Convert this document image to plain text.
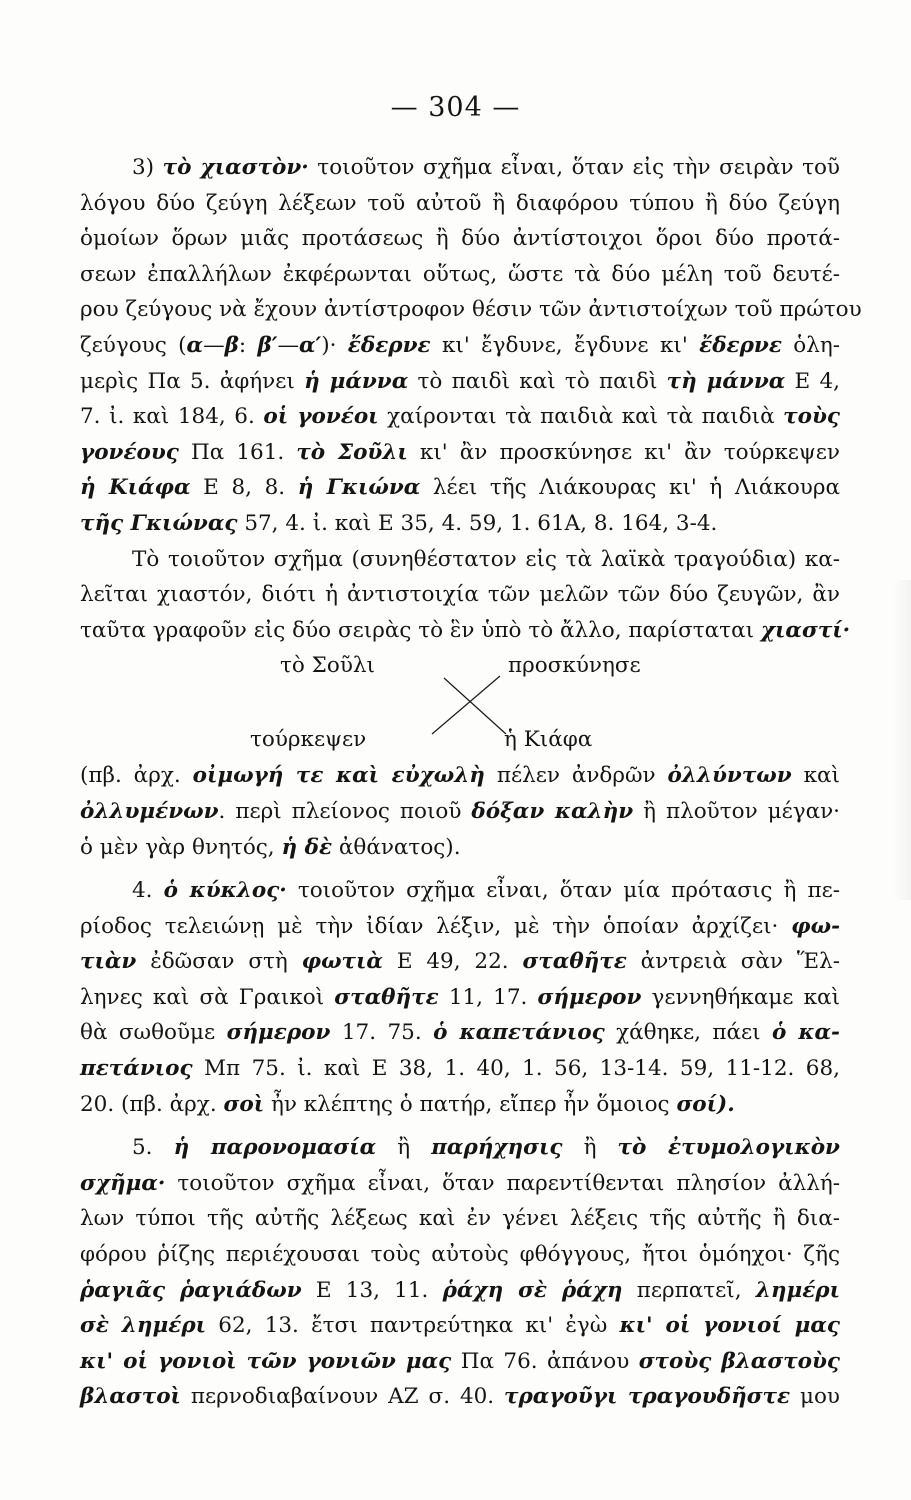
— 304 —
3) τὸ χιαστὸν· τοιοῦτον σχῆμα εἶναι, ὅταν εἰς τὴν σειρὰν τοῦ
λόγου δύο ζεύγη λέξεων τοῦ αὐτοῦ ἢ διαφόρου τύπου ἢ δύο ζεύγη
ὁμοίων ὅρων μιᾶς προτάσεως ἢ δύο ἀντίστοιχοι ὅροι δύο προτά-
σεων ἐπαλλήλων ἐκφέρωνται οὕτως, ὥστε τὰ δύο μέλη τοῦ δευτέ-
ρου ζεύγους νὰ ἔχουν ἀντίστροφον θέσιν τῶν ἀντιστοίχων τοῦ πρώτου
ζεύγους (α—β: β′—α′)· ἔδερνε κι' ἔγδυνε, ἔγδυνε κι' ἔδερνε ὁλη-
μερὶς Πα 5. ἀφήνει ἡ μάννα τὸ παιδὶ καὶ τὸ παιδὶ τὴ μάννα Ε 4,
7. ἰ. καὶ 184, 6. οἱ γονέοι χαίρονται τὰ παιδιὰ καὶ τὰ παιδιὰ τοὺς
γονέους Πα 161. τὸ Σοῦλι κι' ἂν προσκύνησε κι' ἂν τούρκεψεν
ἡ Κιάφα Ε 8, 8. ἡ Γκιώνα λέει τῆς Λιάκουρας κι' ἡ Λιάκουρα
τῆς Γκιώνας 57, 4. ἰ. καὶ Ε 35, 4. 59, 1. 61Α, 8. 164, 3-4.
Τὸ τοιοῦτον σχῆμα (συνηθέστατον εἰς τὰ λαϊκὰ τραγούδια) κα-
λεῖται χιαστόν, διότι ἡ ἀντιστοιχία τῶν μελῶν τῶν δύο ζευγῶν, ἂν
ταῦτα γραφοῦν εἰς δύο σειρὰς τὸ ἓν ὑπὸ τὸ ἄλλο, παρίσταται χιαστί·
τὸ Σοῦλι	προσκύνησε
τούρκεψεν	ἡ Κιάφα
(πβ. ἀρχ. οἰμωγή τε καὶ εὐχωλὴ πέλεν ἀνδρῶν ὀλλύντων καὶ
ὀλλυμένων. περὶ πλείονος ποιοῦ δόξαν καλὴν ἢ πλοῦτον μέγαν·
ὁ μὲν γὰρ θνητός, ἡ δὲ ἀθάνατος).
4. ὁ κύκλος· τοιοῦτον σχῆμα εἶναι, ὅταν μία πρότασις ἢ πε-
ρίοδος τελειώνῃ μὲ τὴν ἰδίαν λέξιν, μὲ τὴν ὁποίαν ἀρχίζει· φω-
τιὰν ἐδῶσαν στὴ φωτιὰ Ε 49, 22. σταθῆτε ἀντρειὰ σὰν Ἕλ-
ληνες καὶ σὰ Γραικοὶ σταθῆτε 11, 17. σήμερον γεννηθήκαμε καὶ
θὰ σωθοῦμε σήμερον 17. 75. ὁ καπετάνιος χάθηκε, πάει ὁ κα-
πετάνιος Μπ 75. ἰ. καὶ Ε 38, 1. 40, 1. 56, 13-14. 59, 11-12. 68,
20. (πβ. ἀρχ. σοὶ ἦν κλέπτης ὁ πατήρ, εἴπερ ἦν ὅμοιος σοί).
5. ἡ παρονομασία ἢ παρήχησις ἢ τὸ ἐτυμολογικὸν
σχῆμα· τοιοῦτον σχῆμα εἶναι, ὅταν παρεντίθενται πλησίον ἀλλή-
λων τύποι τῆς αὐτῆς λέξεως καὶ ἐν γένει λέξεις τῆς αὐτῆς ἢ δια-
φόρου ῥίζης περιέχουσαι τοὺς αὐτοὺς φθόγγους, ἤτοι ὁμόηχοι· ζῆς
ῥαγιᾶς ῥαγιάδων Ε 13, 11. ῥάχη σὲ ῥάχη περπατεῖ, λημέρι
σὲ λημέρι 62, 13. ἔτσι παντρεύτηκα κι' ἐγὼ κι' οἱ γονιοί μας
κι' οἱ γονιοὶ τῶν γονιῶν μας Πα 76. ἀπάνου στοὺς βλαστοὺς
βλαστοὶ περνοδιαβαίνουν ΑΖ σ. 40. τραγοῦγι τραγουδῆστε μου
